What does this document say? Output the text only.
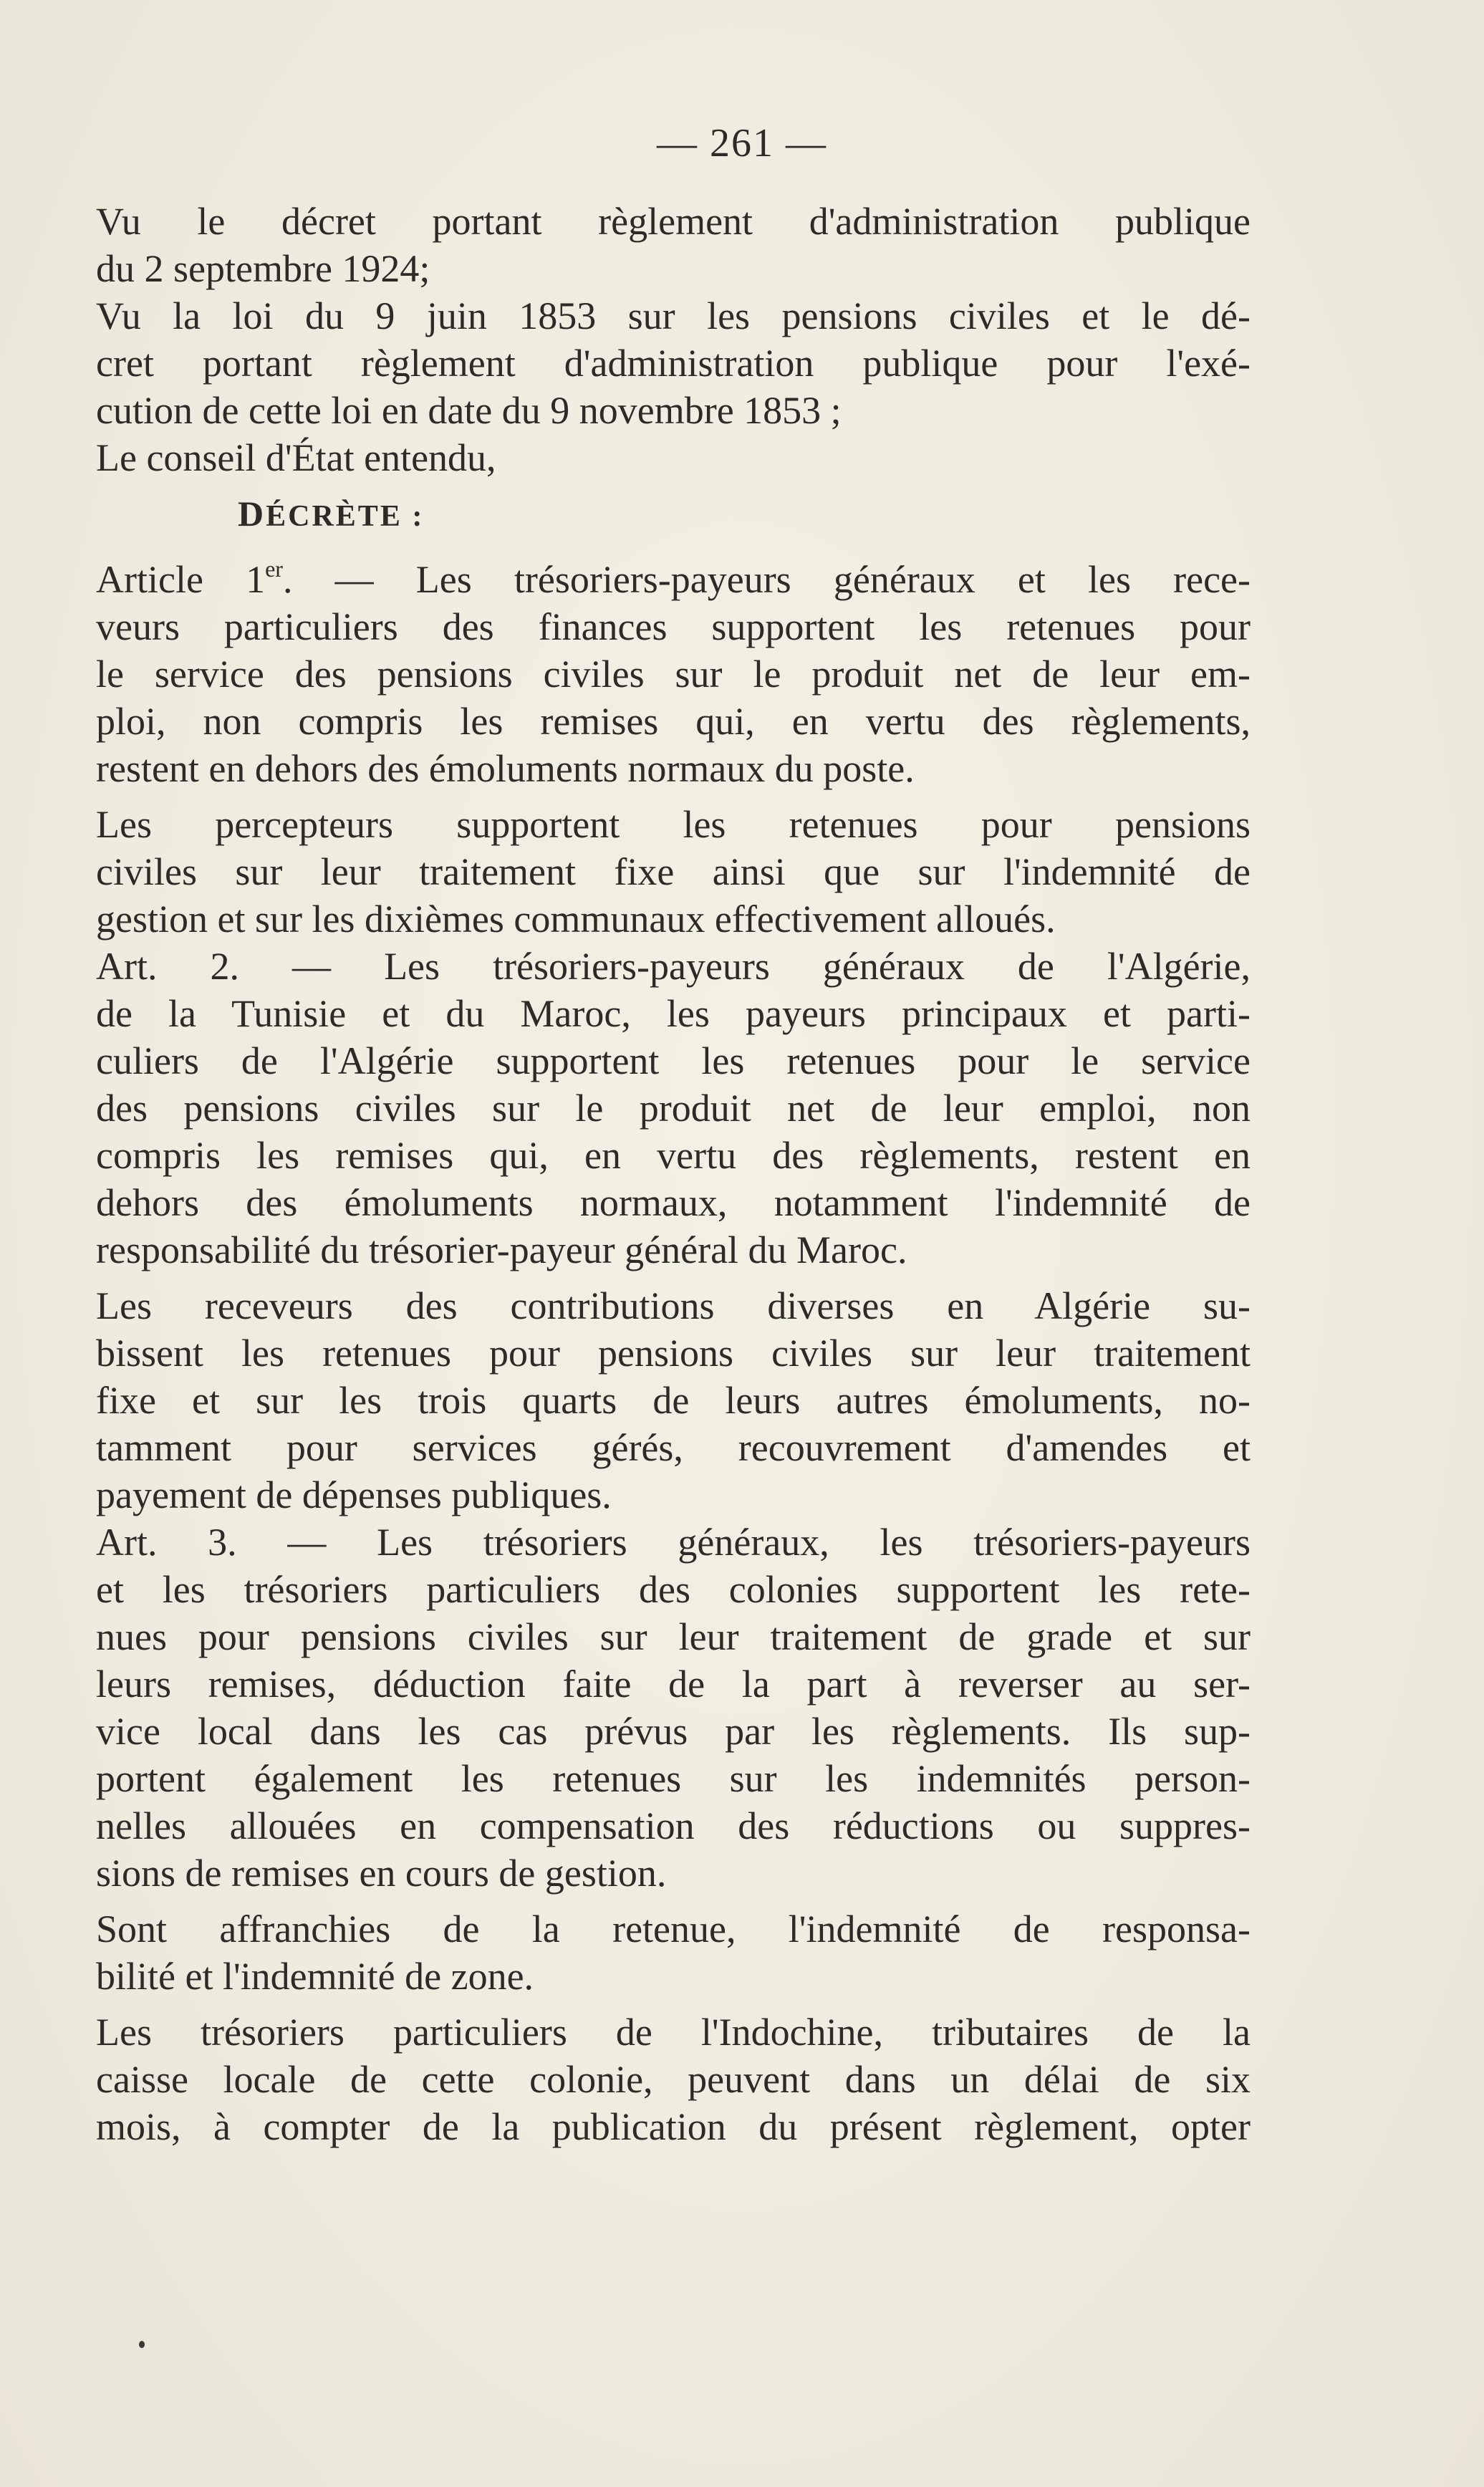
— 261 —
Vu le décret portant règlement d'administration publique
du 2 septembre 1924;
Vu la loi du 9 juin 1853 sur les pensions civiles et le dé-
cret portant règlement d'administration publique pour l'exé-
cution de cette loi en date du 9 novembre 1853 ;
Le conseil d'État entendu,
DÉCRÈTE :
Article 1er. — Les trésoriers-payeurs généraux et les rece-
veurs particuliers des finances supportent les retenues pour
le service des pensions civiles sur le produit net de leur em-
ploi, non compris les remises qui, en vertu des règlements,
restent en dehors des émoluments normaux du poste.
Les percepteurs supportent les retenues pour pensions
civiles sur leur traitement fixe ainsi que sur l'indemnité de
gestion et sur les dixièmes communaux effectivement alloués.
Art. 2. — Les trésoriers-payeurs généraux de l'Algérie,
de la Tunisie et du Maroc, les payeurs principaux et parti-
culiers de l'Algérie supportent les retenues pour le service
des pensions civiles sur le produit net de leur emploi, non
compris les remises qui, en vertu des règlements, restent en
dehors des émoluments normaux, notamment l'indemnité de
responsabilité du trésorier-payeur général du Maroc.
Les receveurs des contributions diverses en Algérie su-
bissent les retenues pour pensions civiles sur leur traitement
fixe et sur les trois quarts de leurs autres émoluments, no-
tamment pour services gérés, recouvrement d'amendes et
payement de dépenses publiques.
Art. 3. — Les trésoriers généraux, les trésoriers-payeurs
et les trésoriers particuliers des colonies supportent les rete-
nues pour pensions civiles sur leur traitement de grade et sur
leurs remises, déduction faite de la part à reverser au ser-
vice local dans les cas prévus par les règlements. Ils sup-
portent également les retenues sur les indemnités person-
nelles allouées en compensation des réductions ou suppres-
sions de remises en cours de gestion.
Sont affranchies de la retenue, l'indemnité de responsa-
bilité et l'indemnité de zone.
Les trésoriers particuliers de l'Indochine, tributaires de la
caisse locale de cette colonie, peuvent dans un délai de six
mois, à compter de la publication du présent règlement, opter
